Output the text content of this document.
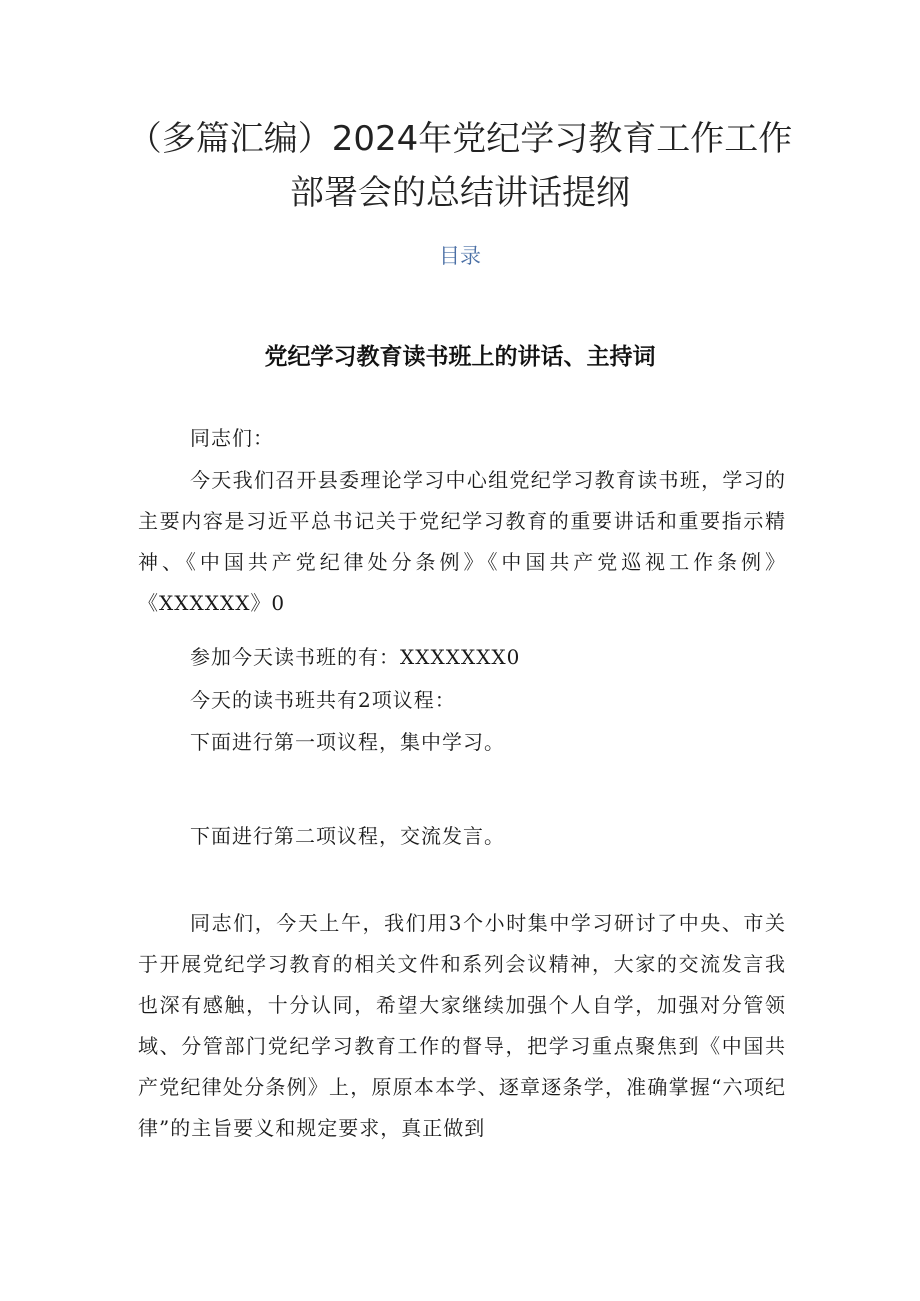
（多篇汇编）2024年党纪学习教育工作工作部署会的总结讲话提纲

目录

党纪学习教育读书班上的讲话、主持词

同志们：

今天我们召开县委理论学习中心组党纪学习教育读书班，学习的主要内容是习近平总书记关于党纪学习教育的重要讲话和重要指示精神、《中国共产党纪律处分条例》《中国共产党巡视工作条例》《XXXXXX》0

参加今天读书班的有：XXXXXXX0

今天的读书班共有2项议程：

下面进行第一项议程，集中学习。

下面进行第二项议程，交流发言。

同志们，今天上午，我们用3个小时集中学习研讨了中央、市关于开展党纪学习教育的相关文件和系列会议精神，大家的交流发言我也深有感触，十分认同，希望大家继续加强个人自学，加强对分管领域、分管部门党纪学习教育工作的督导，把学习重点聚焦到《中国共产党纪律处分条例》上，原原本本学、逐章逐条学，准确掌握“六项纪律”的主旨要义和规定要求，真正做到
